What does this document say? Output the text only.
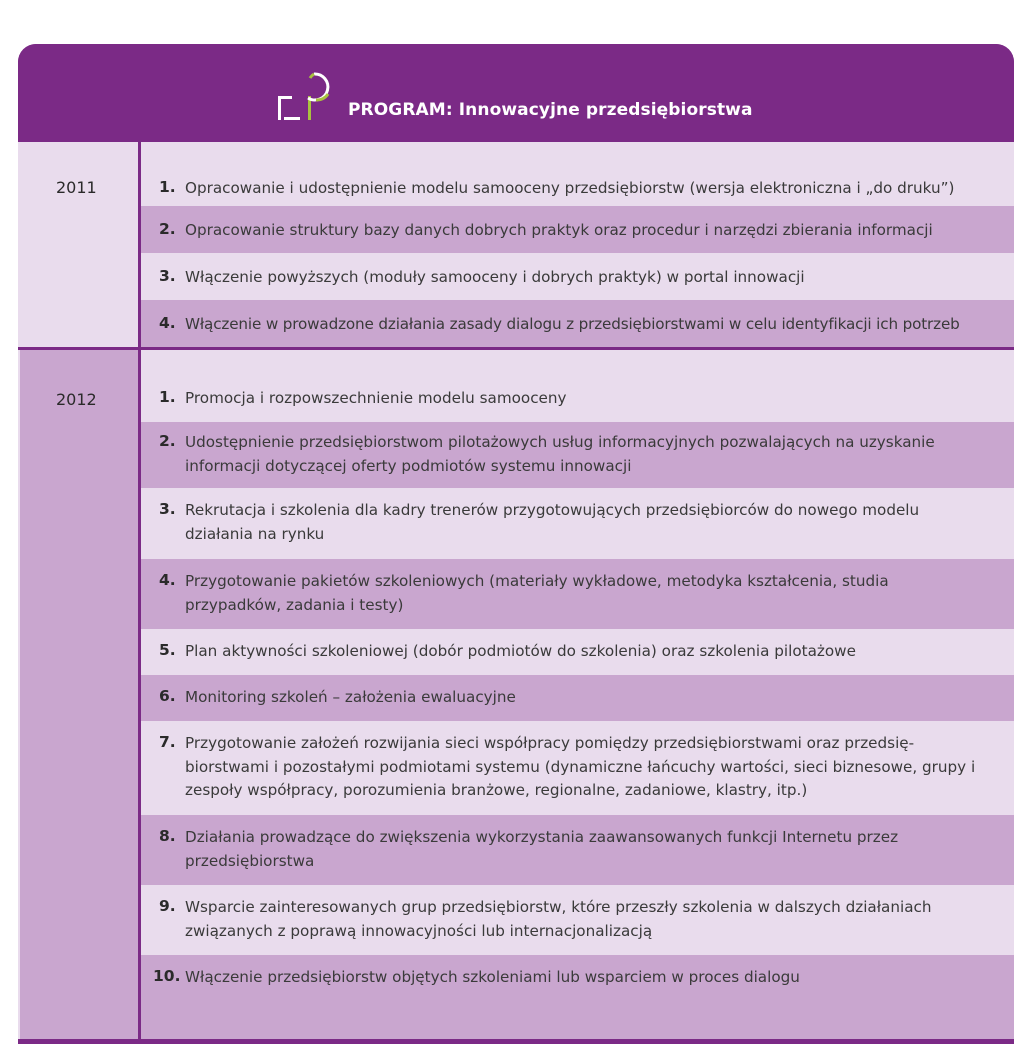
PROGRAM: Innowacyjne przedsiębiorstwa
2011
2012
1. Opracowanie i udostępnienie modelu samooceny przedsiębiorstw (wersja elektroniczna i „do druku”)
2. Opracowanie struktury bazy danych dobrych praktyk oraz procedur i narzędzi zbierania informacji
3. Włączenie powyższych (moduły samooceny i dobrych praktyk) w portal innowacji
4. Włączenie w prowadzone działania zasady dialogu z przedsiębiorstwami w celu identyfikacji ich potrzeb
1. Promocja i rozpowszechnienie modelu samooceny
2. Udostępnienie przedsiębiorstwom pilotażowych usług informacyjnych pozwalających na uzyskanie informacji dotyczącej oferty podmiotów systemu innowacji
3. Rekrutacja i szkolenia dla kadry trenerów przygotowujących przedsiębiorców do nowego modelu działania na rynku
4. Przygotowanie pakietów szkoleniowych (materiały wykładowe, metodyka kształcenia, studia przypadków, zadania i testy)
5. Plan aktywności szkoleniowej (dobór podmiotów do szkolenia) oraz szkolenia pilotażowe
6. Monitoring szkoleń – założenia ewaluacyjne
7. Przygotowanie założeń rozwijania sieci współpracy pomiędzy przedsiębiorstwami oraz przedsię-biorstwami i pozostałymi podmiotami systemu (dynamiczne łańcuchy wartości, sieci biznesowe, grupy i zespoły współpracy, porozumienia branżowe, regionalne, zadaniowe, klastry, itp.)
8. Działania prowadzące do zwiększenia wykorzystania zaawansowanych funkcji Internetu przez przedsiębiorstwa
9. Wsparcie zainteresowanych grup przedsiębiorstw, które przeszły szkolenia w dalszych działaniach związanych z poprawą innowacyjności lub internacjonalizacją
10. Włączenie przedsiębiorstw objętych szkoleniami lub wsparciem w proces dialogu
